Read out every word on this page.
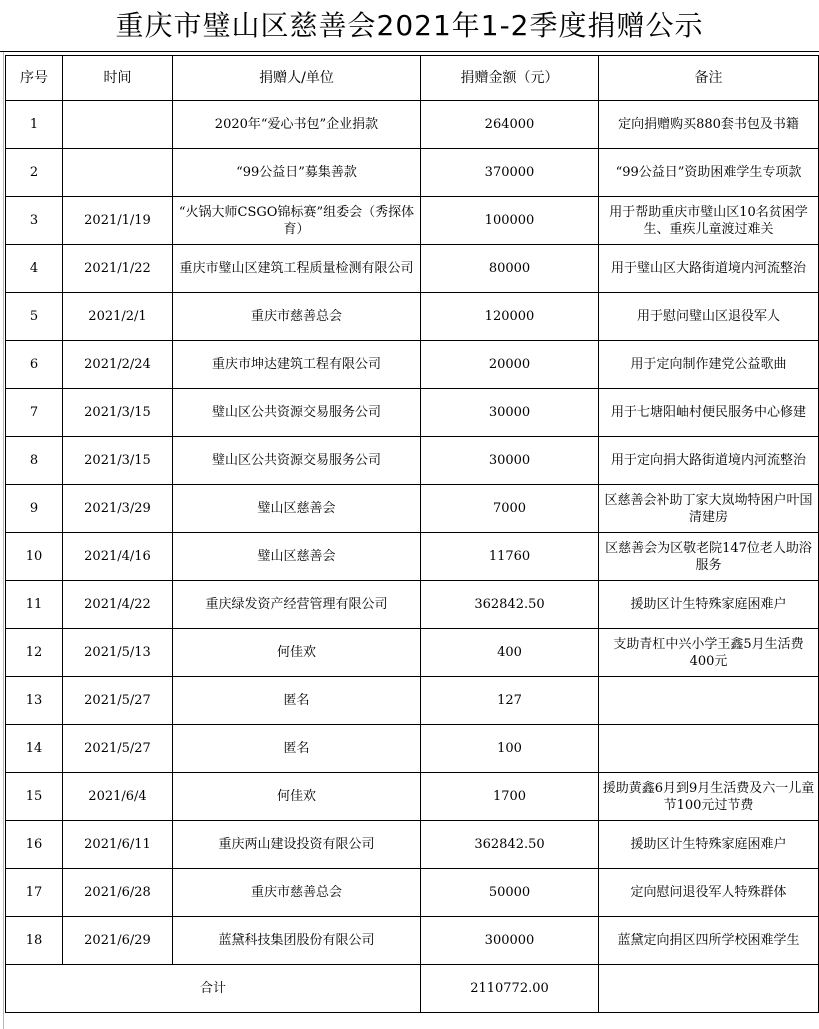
重庆市璧山区慈善会2021年1-2季度捐赠公示
序号	时间	捐赠人/单位	捐赠金额（元）	备注
1		2020年“爱心书包”企业捐款	264000	定向捐赠购买880套书包及书籍
2		“99公益日”募集善款	370000	“99公益日”资助困难学生专项款
3	2021/1/19	“火锅大师CSGO锦标赛”组委会（秀探体育）	100000	用于帮助重庆市璧山区10名贫困学生、重疾儿童渡过难关
4	2021/1/22	重庆市璧山区建筑工程质量检测有限公司	80000	用于璧山区大路街道境内河流整治
5	2021/2/1	重庆市慈善总会	120000	用于慰问璧山区退役军人
6	2021/2/24	重庆市坤达建筑工程有限公司	20000	用于定向制作建党公益歌曲
7	2021/3/15	璧山区公共资源交易服务公司	30000	用于七塘阳岫村便民服务中心修建
8	2021/3/15	璧山区公共资源交易服务公司	30000	用于定向捐大路街道境内河流整治
9	2021/3/29	璧山区慈善会	7000	区慈善会补助丁家大岚坳特困户叶国清建房
10	2021/4/16	璧山区慈善会	11760	区慈善会为区敬老院147位老人助浴服务
11	2021/4/22	重庆绿发资产经营管理有限公司	362842.50	援助区计生特殊家庭困难户
12	2021/5/13	何佳欢	400	支助青杠中兴小学王鑫5月生活费400元
13	2021/5/27	匿名	127	
14	2021/5/27	匿名	100	
15	2021/6/4	何佳欢	1700	援助黄鑫6月到9月生活费及六一儿童节100元过节费
16	2021/6/11	重庆两山建设投资有限公司	362842.50	援助区计生特殊家庭困难户
17	2021/6/28	重庆市慈善总会	50000	定向慰问退役军人特殊群体
18	2021/6/29	蓝黛科技集团股份有限公司	300000	蓝黛定向捐区四所学校困难学生
合计			2110772.00	
